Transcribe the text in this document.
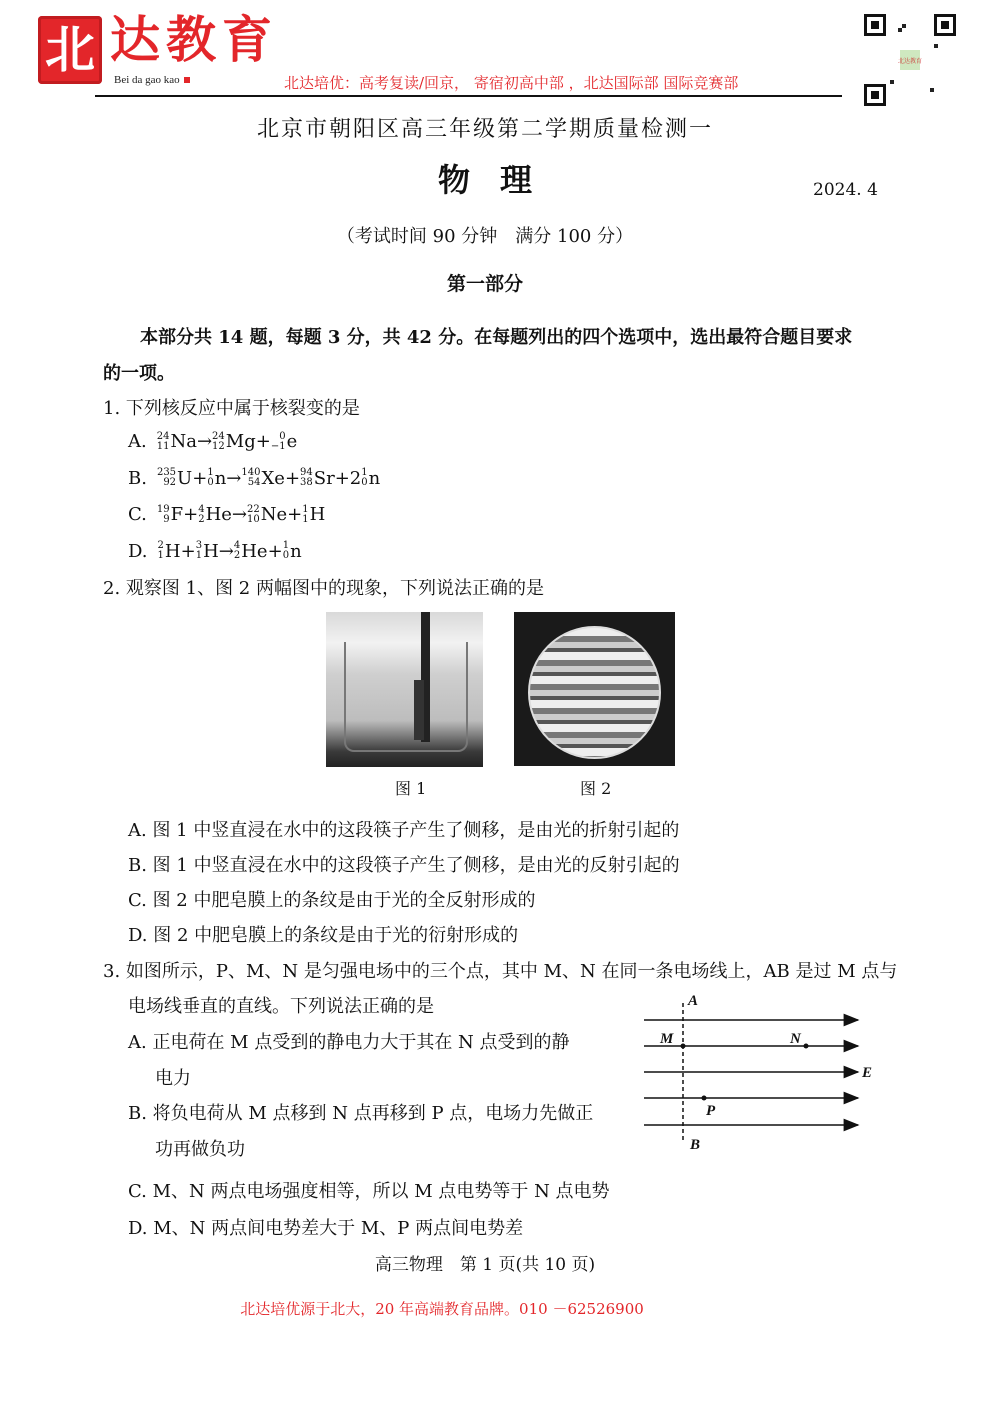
北 达教育
Bei da gao kao	北达培优：高考复读/回京， 寄宿初高中部 ，北达国际部 国际竞赛部
北达教育
北京市朝阳区高三年级第二学期质量检测一
物理	2024. 4
（考试时间 90 分钟　满分 100 分）
第一部分
本部分共 14 题，每题 3 分，共 42 分。在每题列出的四个选项中，选出最符合题目要求
的一项。
1. 下列核反应中属于核裂变的是
A. 24
11 Na → 24
12 Mg + 0
−1 e
B. 235
92 U + 1
0 n → 140
54 Xe + 94
38 Sr +2 1
0 n
C. 19
9 F + 4
2 He → 22
10 Ne + 1
1 H
D. 2
1 H + 3
1 H → 4
2 He + 1
0 n
2. 观察图 1、图 2 两幅图中的现象，下列说法正确的是
图 1	图 2
A. 图 1 中竖直浸在水中的这段筷子产生了侧移，是由光的折射引起的
B. 图 1 中竖直浸在水中的这段筷子产生了侧移，是由光的反射引起的
C. 图 2 中肥皂膜上的条纹是由于光的全反射形成的
D. 图 2 中肥皂膜上的条纹是由于光的衍射形成的
3. 如图所示，P、M、N 是匀强电场中的三个点，其中 M、N 在同一条电场线上，AB 是过 M 点与
电场线垂直的直线。下列说法正确的是
A. 正电荷在 M 点受到的静电力大于其在 N 点受到的静
电力
B. 将负电荷从 M 点移到 N 点再移到 P 点，电场力先做正
功再做负功
C. M、N 两点电场强度相等，所以 M 点电势等于 N 点电势
D. M、N 两点间电势差大于 M、P 两点间电势差
A
B
M	N
P
E
高三物理　第 1 页(共 10 页)
北达培优源于北大，20 年高端教育品牌。010 －62526900
